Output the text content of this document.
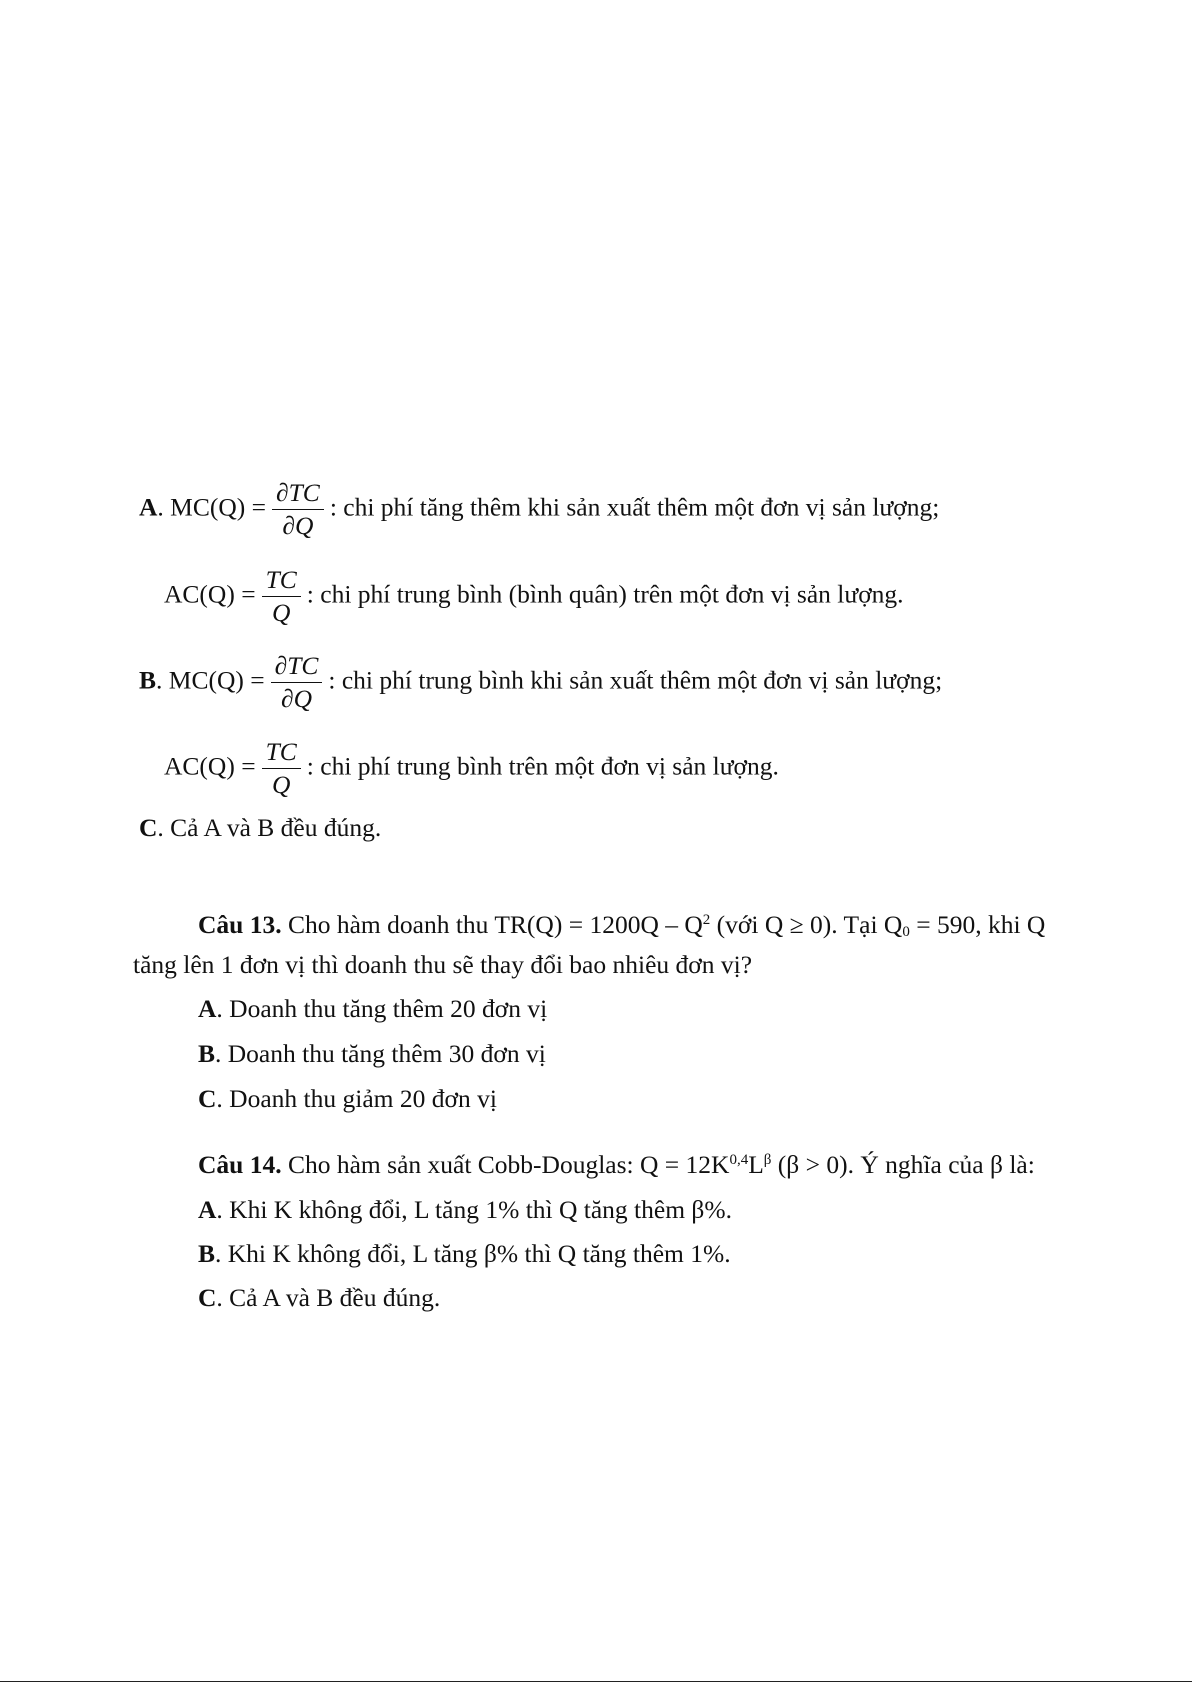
A. $MC(Q) = \frac{\partial TC}{\partial Q}$ : chi phí tăng thêm khi sản xuất thêm một đơn vị sản lượng;
$AC(Q) = \frac{TC}{Q}$ : chi phí trung bình (bình quân) trên một đơn vị sản lượng.
B. $MC(Q) = \frac{\partial TC}{\partial Q}$ : chi phí trung bình khi sản xuất thêm một đơn vị sản lượng;
$AC(Q) = \frac{TC}{Q}$ : chi phí trung bình trên một đơn vị sản lượng.
C. Cả A và B đều đúng.
Câu 13. Cho hàm doanh thu $TR(Q) = 1200Q - Q^2$ (với Q ≥ 0). Tại $Q_0 = 590$, khi Q
tăng lên 1 đơn vị thì doanh thu sẽ thay đổi bao nhiêu đơn vị?
A. Doanh thu tăng thêm 20 đơn vị
B. Doanh thu tăng thêm 30 đơn vị
C. Doanh thu giảm 20 đơn vị
Câu 14. Cho hàm sản xuất Cobb-Douglas: $Q = 12K^{0,4}L^\beta$ (β > 0). Ý nghĩa của β là:
A. Khi K không đổi, L tăng 1% thì Q tăng thêm β%.
B. Khi K không đổi, L tăng β% thì Q tăng thêm 1%.
C. Cả A và B đều đúng.
